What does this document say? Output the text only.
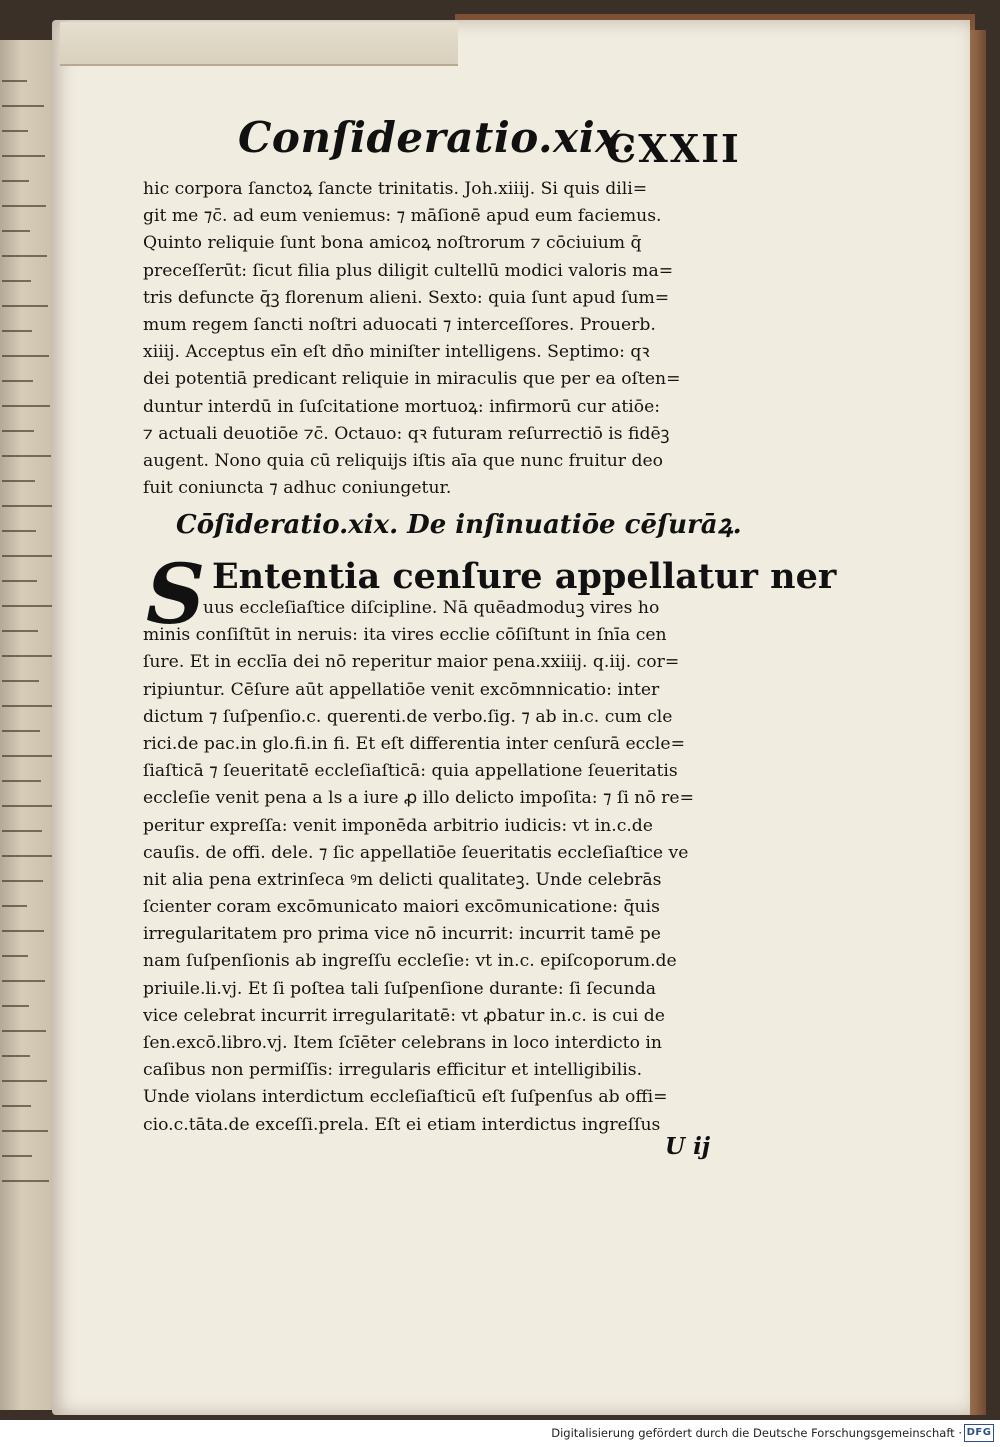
Conſideratio.xix.
CXXII
hic corpora ſanctoꝝ ſancte trinitatis. Joh.xiiij. Si quis dili=
git me ⁊c̄. ad eum veniemus: ⁊ māſionē apud eum faciemus.
Quinto reliquie ſunt bona amicoꝝ noſtrorum ⁊ cōciuium q̄
preceſſerūt: ſicut filia plus diligit cultellū modici valoris ma=
tris defuncte q̄ꝫ florenum alieni. Sexto: quia ſunt apud ſum=
mum regem ſancti noſtri aduocati ⁊ interceſſores. Prouerb.
xiiij. Acceptus eīn eſt dn̄o miniſter intelligens. Septimo: qꝛ
dei potentiā predicant reliquie in miraculis que per ea oſten=
duntur interdū in ſuſcitatione mortuoꝝ: infirmorū cur atiōe:
⁊ actuali deuotiōe ⁊c̄. Octauo: qꝛ futuram reſurrectiō is fidēꝫ
augent. Nono quia cū reliquijs iſtis aīa que nunc fruitur deo
fuit coniuncta ⁊ adhuc coniungetur.
Cōſideratio.xix. De inſinuatiōe cēſurāꝝ.
S Ententia cenſure appellatur ner
uus eccleſiaſtice diſcipline. Nā quēadmoduꝫ vires ho
minis conſiſtūt in neruis: ita vires ecclie cōſiſtunt in ſnīa cen
ſure. Et in ecclīa dei nō reperitur maior pena.xxiiij. q.iij. cor=
ripiuntur. Cēſure aūt appellatiōe venit excōmnnicatio: inter
dictum ⁊ ſuſpenſio.c. querenti.de verbo.ſig. ⁊ ab in.c. cum cle
rici.de pac.in glo.fi.in fi. Et eſt differentia inter cenſurā eccle=
ſiaſticā ⁊ ſeueritatē eccleſiaſticā: quia appellatione ſeueritatis
eccleſie venit pena a ls a iure ꝓ illo delicto impoſita: ⁊ ſi nō re=
peritur expreſſa: venit imponēda arbitrio iudicis: vt in.c.de
cauſis. de offi. dele. ⁊ ſic appellatiōe ſeueritatis eccleſiaſtice ve
nit alia pena extrinſeca ꝰm delicti qualitateꝫ. Unde celebrās
ſcienter coram excōmunicato maiori excōmunicatione: q̄uis
irregularitatem pro prima vice nō incurrit: incurrit tamē pe
nam ſuſpenſionis ab ingreſſu eccleſie: vt in.c. epiſcoporum.de
priuile.li.vj. Et ſi poſtea tali ſuſpenſione durante: ſi ſecunda
vice celebrat incurrit irregularitatē: vt ꝓbatur in.c. is cui de
ſen.excō.libro.vj. Item ſcīēter celebrans in loco interdicto in
caſibus non permiſſis: irregularis efficitur et intelligibilis.
Unde violans interdictum eccleſiaſticū eſt ſuſpenſus ab offi=
cio.c.tāta.de exceſſi.prela. Eſt ei etiam interdictus ingreſſus
U ij
Digitalisierung gefördert durch die Deutsche Forschungsgemeinschaft · DFG
